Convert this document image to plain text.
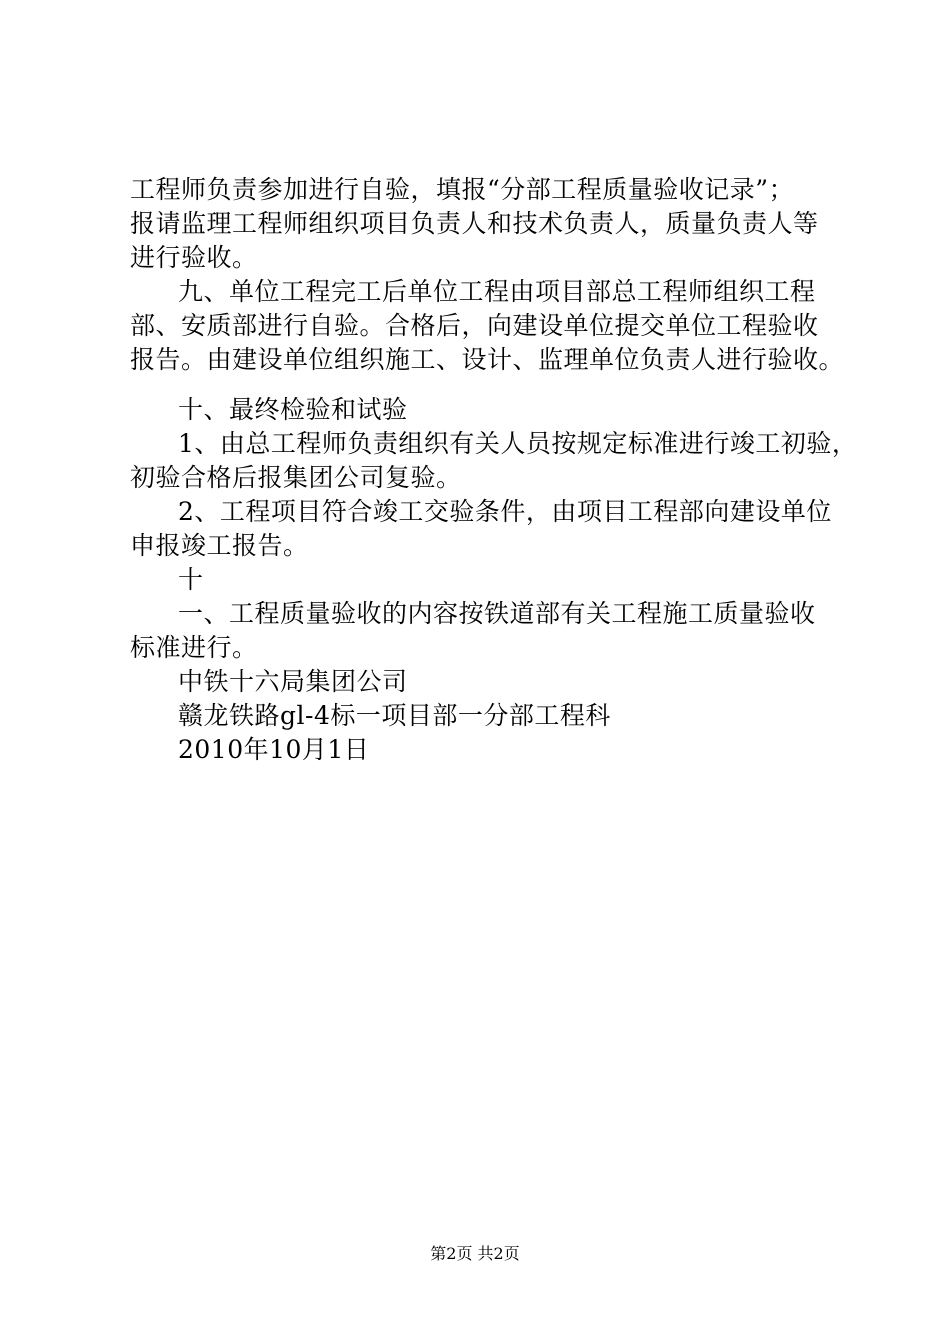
工程师负责参加进行自验，填报“分部工程质量验收记录”；
报请监理工程师组织项目负责人和技术负责人，质量负责人等
进行验收。
九、单位工程完工后单位工程由项目部总工程师组织工程
部、安质部进行自验。合格后，向建设单位提交单位工程验收
报告。由建设单位组织施工、设计、监理单位负责人进行验收。
十、最终检验和试验
1、由总工程师负责组织有关人员按规定标准进行竣工初验，
初验合格后报集团公司复验。
2、工程项目符合竣工交验条件，由项目工程部向建设单位
申报竣工报告。
十
一、工程质量验收的内容按铁道部有关工程施工质量验收
标准进行。
中铁十六局集团公司
赣龙铁路gl-4标一项目部一分部工程科
2010年10月1日
第2页 共2页
